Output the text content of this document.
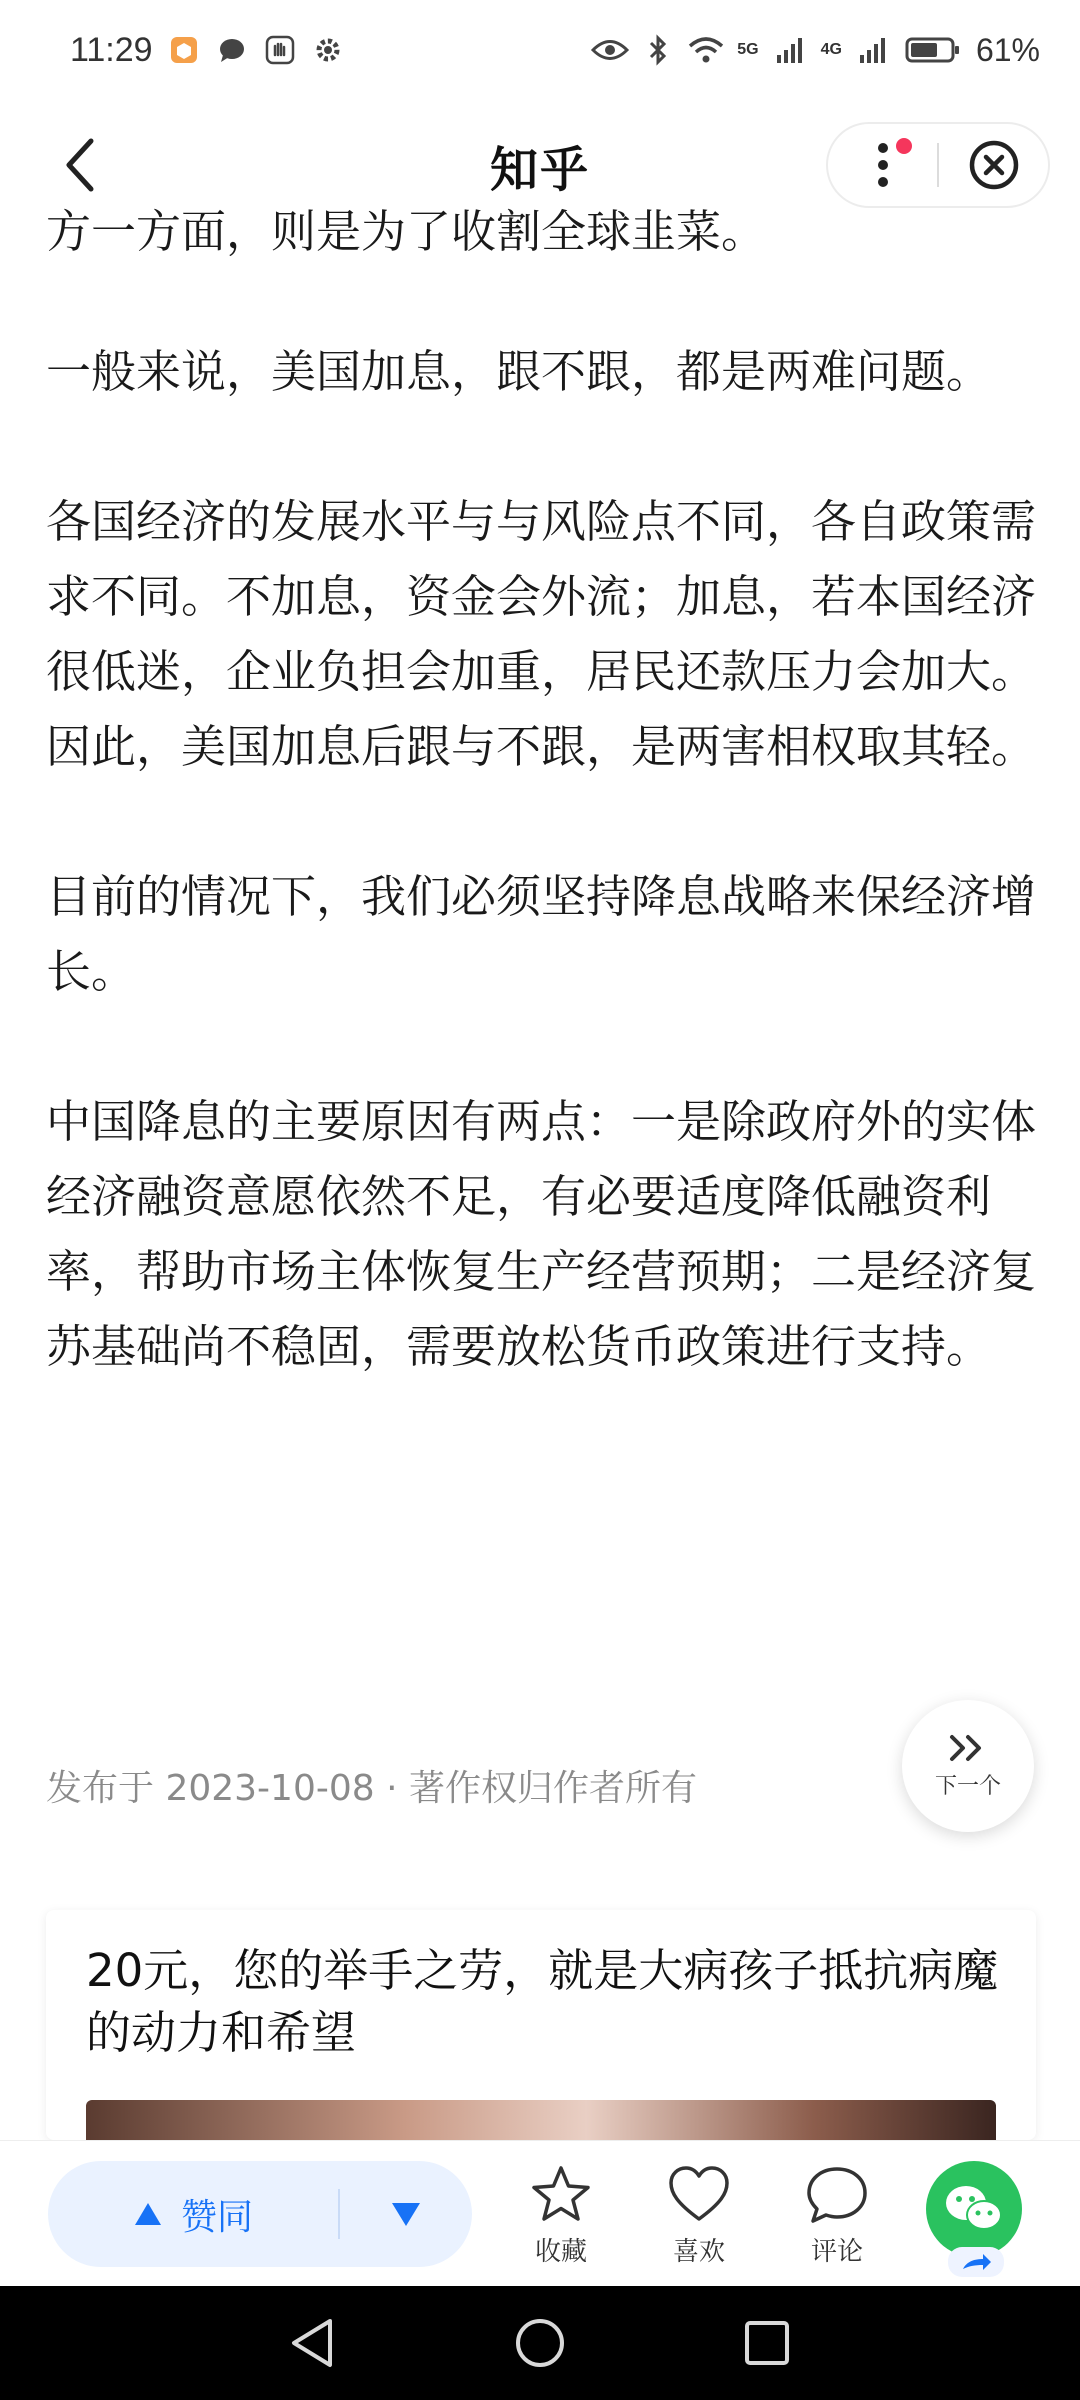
11:29	5G	4G	61%
知乎
方一方面，则是为了收割全球韭菜。

一般来说，美国加息，跟不跟，都是两难问题。

各国经济的发展水平与与风险点不同，各自政策需求不同。不加息，资金会外流；加息，若本国经济很低迷，企业负担会加重，居民还款压力会加大。因此，美国加息后跟与不跟，是两害相权取其轻。

目前的情况下，我们必须坚持降息战略来保经济增长。

中国降息的主要原因有两点：一是除政府外的实体经济融资意愿依然不足，有必要适度降低融资利率，帮助市场主体恢复生产经营预期；二是经济复苏基础尚不稳固，需要放松货币政策进行支持。

发布于 2023-10-08 · 著作权归作者所有	下一个
20元，您的举手之劳，就是大病孩子抵抗病魔的动力和希望
赞同
收藏	喜欢	评论
